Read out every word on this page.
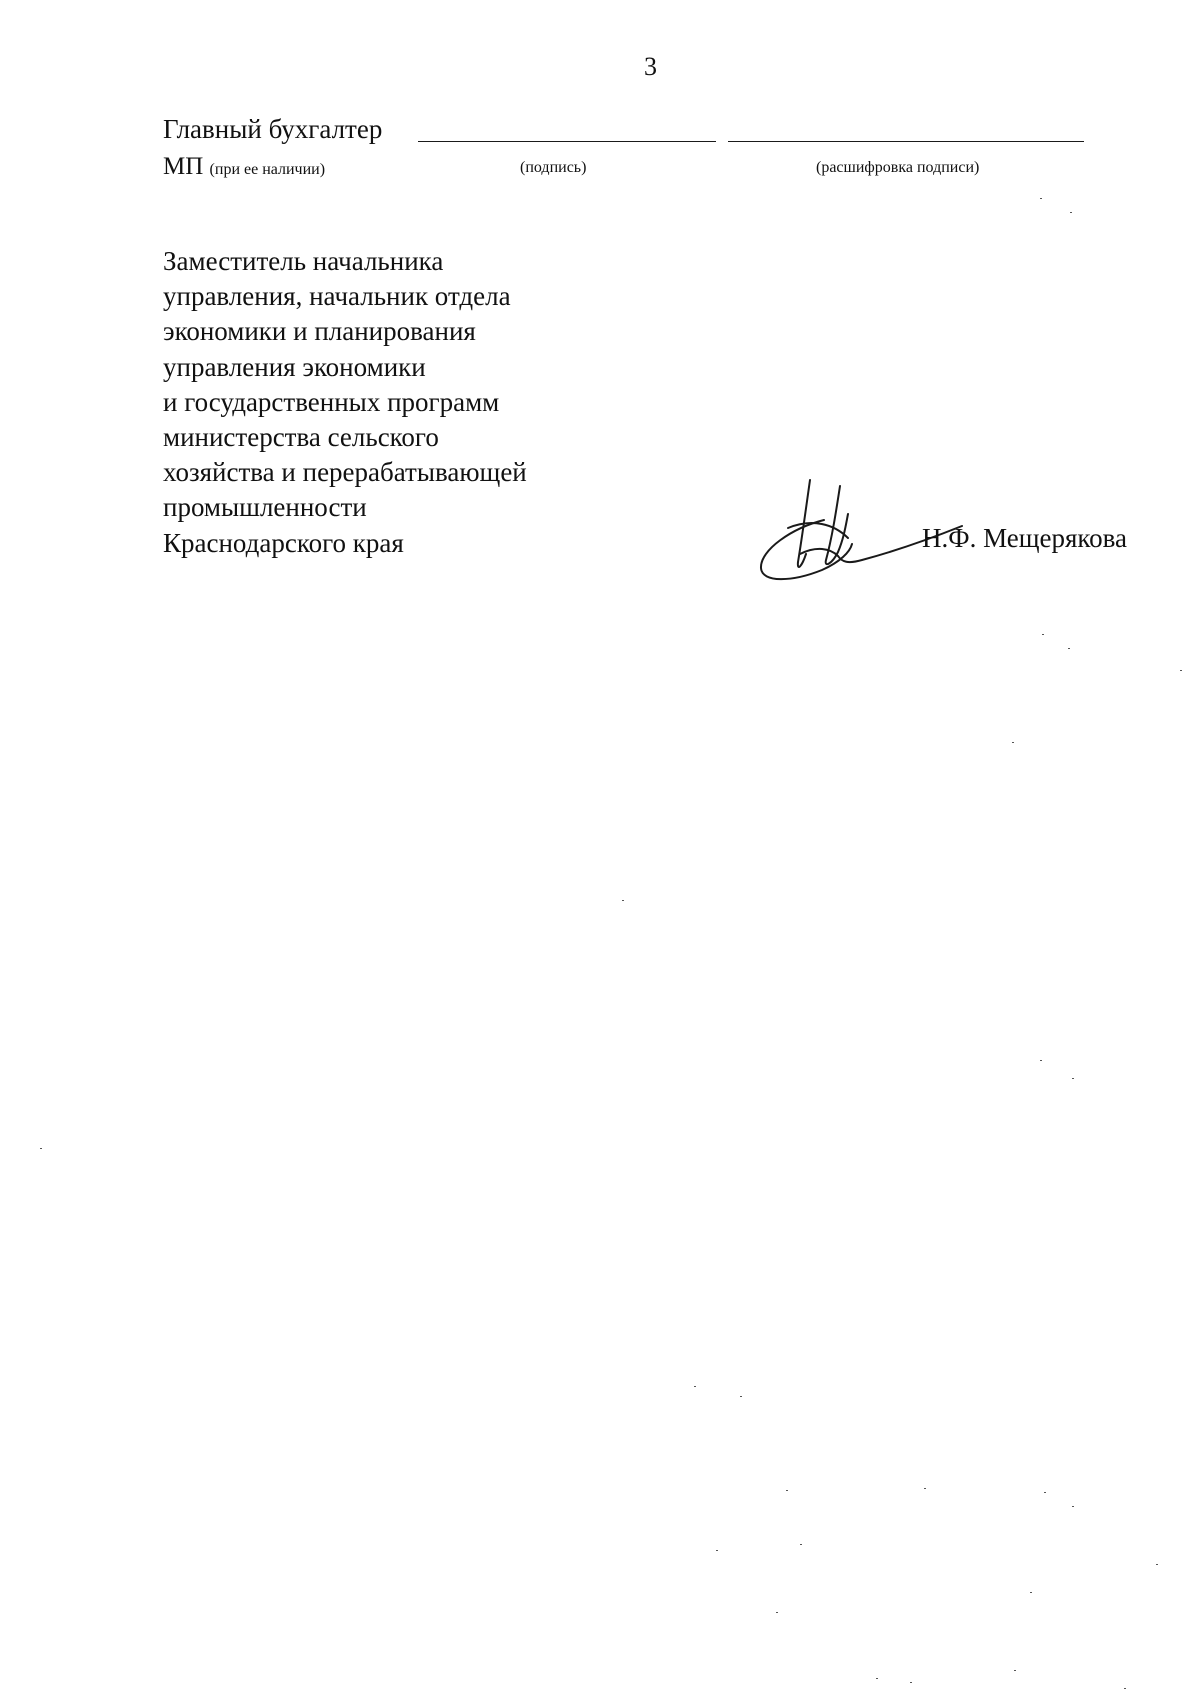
3
Главный бухгалтер
МП (при ее наличии)	(подпись)	(расшифровка подписи)
Заместитель начальника
управления, начальник отдела
экономики и планирования
управления экономики
и государственных программ
министерства сельского
хозяйства и перерабатывающей
промышленности
Краснодарского края	Н.Ф. Мещерякова
